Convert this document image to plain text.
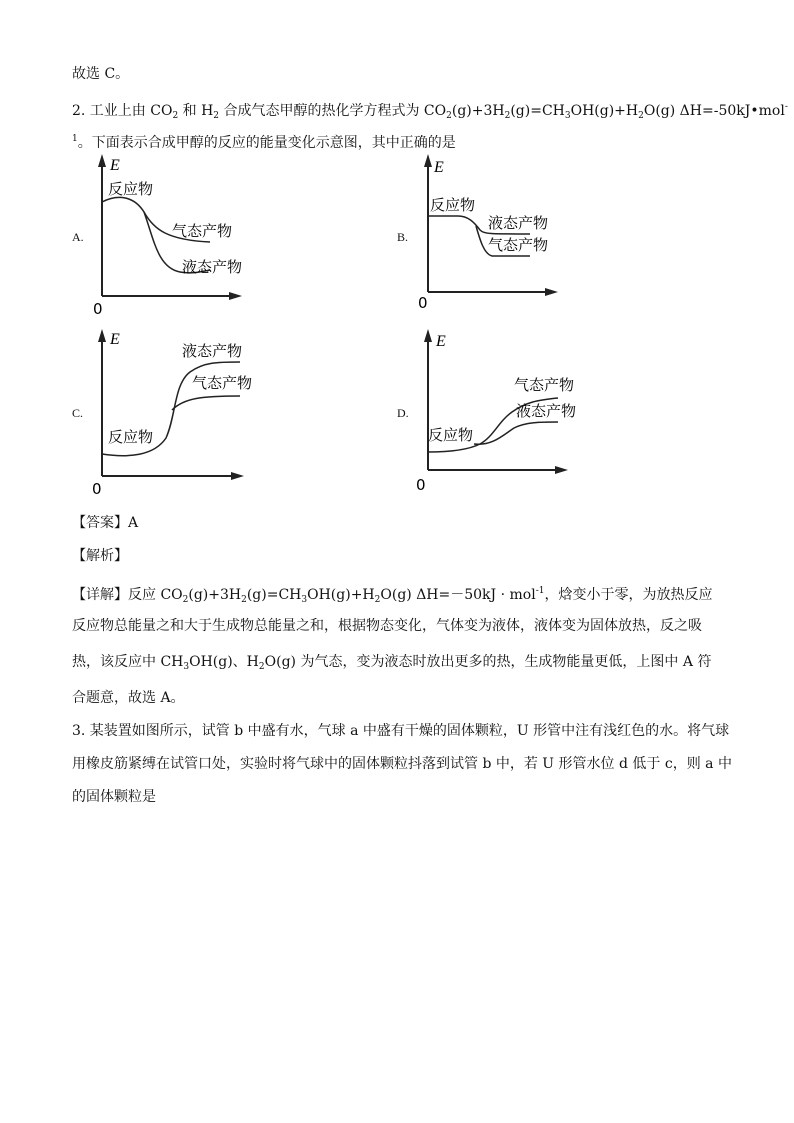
故选 C。
2. 工业上由 $CO_2$ 和 $H_2$ 合成气态甲醇的热化学方程式为 $CO_2(g)+3H_2(g)=CH_3OH(g)+H_2O(g)$ ΔH=-50kJ•mol-
$^1$。下面表示合成甲醇的反应的能量变化示意图，其中正确的是
A.	B.
C.	D.
E
0
反应物
气态产物
液态产物
E
0
反应物
液态产物
气态产物
E
0
反应物
液态产物
气态产物
E
0
反应物
气态产物
液态产物
【答案】A
【解析】
【详解】反应 $CO_2(g)+3H_2(g)=CH_3OH(g)+H_2O(g) \Delta H=-50kJ \cdot mol^{-1}$，焓变小于零，为放热反应
反应物总能量之和大于生成物总能量之和，根据物态变化，气体变为液体，液体变为固体放热，反之吸
热，该反应中 $CH_3OH(g)$、$H_2O(g)$ 为气态，变为液态时放出更多的热，生成物能量更低，上图中 A 符
合题意，故选 A。
3. 某装置如图所示，试管 b 中盛有水，气球 a 中盛有干燥的固体颗粒，U 形管中注有浅红色的水。将气球
用橡皮筋紧缚在试管口处，实验时将气球中的固体颗粒抖落到试管 b 中，若 U 形管水位 d 低于 c，则 a 中
的固体颗粒是
